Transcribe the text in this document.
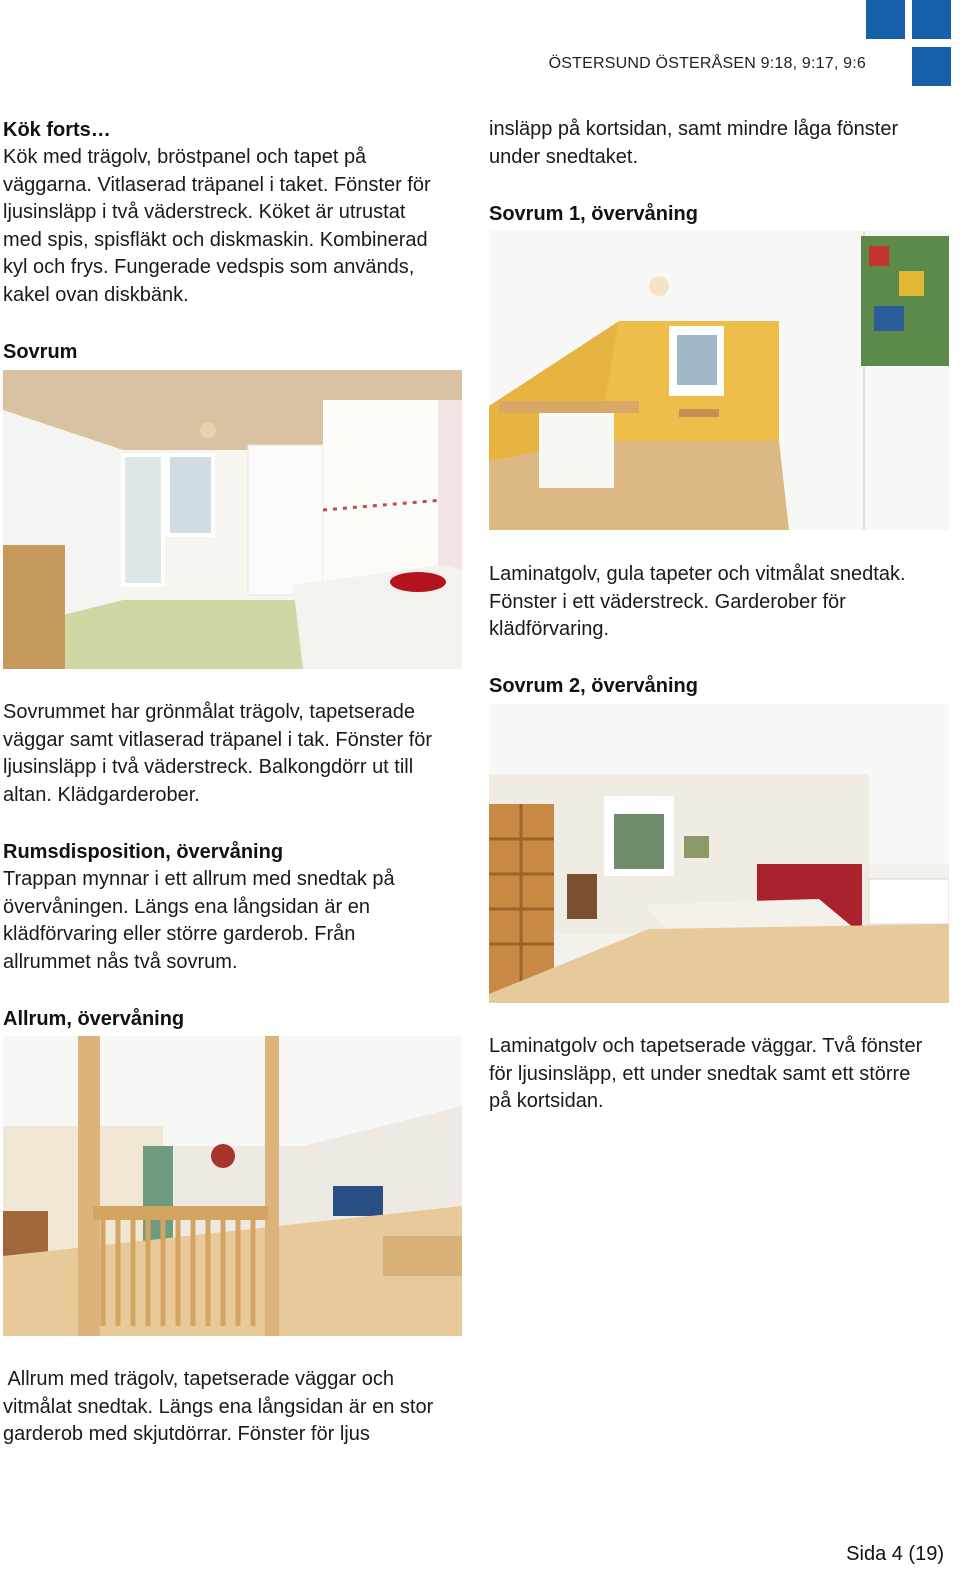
ÖSTERSUND ÖSTERÅSEN 9:18, 9:17, 9:6
Kök forts…
Kök med trägolv, bröstpanel och tapet på
väggarna. Vitlaserad träpanel i taket. Fönster för
ljusinsläpp i två väderstreck. Köket är utrustat
med spis, spisfläkt och diskmaskin. Kombinerad
kyl och frys. Fungerade vedspis som används,
kakel ovan diskbänk.
Sovrum
Sovrummet har grönmålat trägolv, tapetserade
väggar samt vitlaserad träpanel i tak. Fönster för
ljusinsläpp i två väderstreck. Balkongdörr ut till
altan. Klädgarderober.
Rumsdisposition, övervåning
Trappan mynnar i ett allrum med snedtak på
övervåningen. Längs ena långsidan är en
klädförvaring eller större garderob. Från
allrummet nås två sovrum.
Allrum, övervåning
Allrum med trägolv, tapetserade väggar och
vitmålat snedtak. Längs ena långsidan är en stor
garderob med skjutdörrar. Fönster för ljus
insläpp på kortsidan, samt mindre låga fönster
under snedtaket.
Sovrum 1, övervåning
Laminatgolv, gula tapeter och vitmålat snedtak.
Fönster i ett väderstreck. Garderober för
klädförvaring.
Sovrum 2, övervåning
Laminatgolv och tapetserade väggar. Två fönster
för ljusinsläpp, ett under snedtak samt ett större
på kortsidan.
Sida 4 (19)
